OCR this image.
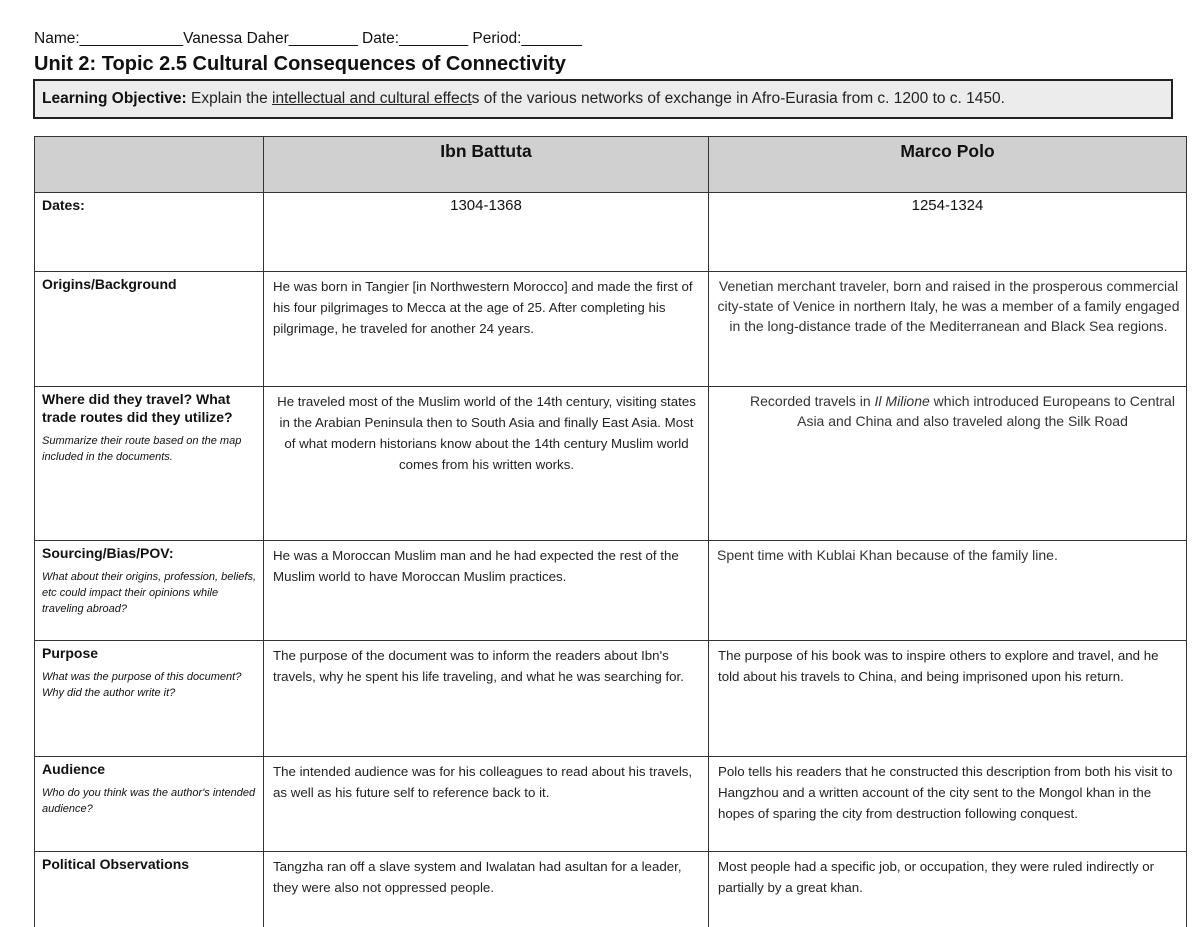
Name:____________Vanessa Daher________ Date:________ Period:_______
Unit 2: Topic 2.5 Cultural Consequences of Connectivity
Learning Objective: Explain the intellectual and cultural effects of the various networks of exchange in Afro-Eurasia from c. 1200 to c. 1450.
	Ibn Battuta	Marco Polo

Dates:	1304-1368	1254-1324

Origins/Background	He was born in Tangier [in Northwestern Morocco] and made the first of his four pilgrimages to Mecca at the age of 25. After completing his pilgrimage, he traveled for another 24 years.	Venetian merchant traveler, born and raised in the prosperous commercial city-state of Venice in northern Italy, he was a member of a family engaged in the long-distance trade of the Mediterranean and Black Sea regions.

Where did they travel? What trade routes did they utilize?
Summarize their route based on the map included in the documents.	He traveled most of the Muslim world of the 14th century, visiting states in the Arabian Peninsula then to South Asia and finally East Asia. Most of what modern historians know about the 14th century Muslim world comes from his written works.	Recorded travels in Il Milione which introduced Europeans to Central Asia and China and also traveled along the Silk Road

Sourcing/Bias/POV:
What about their origins, profession, beliefs, etc could impact their opinions while traveling abroad?	He was a Moroccan Muslim man and he had expected the rest of the Muslim world to have Moroccan Muslim practices.	Spent time with Kublai Khan because of the family line.

Purpose
What was the purpose of this document? Why did the author write it?	The purpose of the document was to inform the readers about Ibn's travels, why he spent his life traveling, and what he was searching for.	The purpose of his book was to inspire others to explore and travel, and he told about his travels to China, and being imprisoned upon his return.

Audience
Who do you think was the author's intended audience?	The intended audience was for his colleagues to read about his travels, as well as his future self to reference back to it.	Polo tells his readers that he constructed this description from both his visit to Hangzhou and a written account of the city sent to the Mongol khan in the hopes of sparing the city from destruction following conquest.

Political Observations	Tangzha ran off a slave system and Iwalatan had asultan for a leader, they were also not oppressed people.	Most people had a specific job, or occupation, they were ruled indirectly or partially by a great khan.
